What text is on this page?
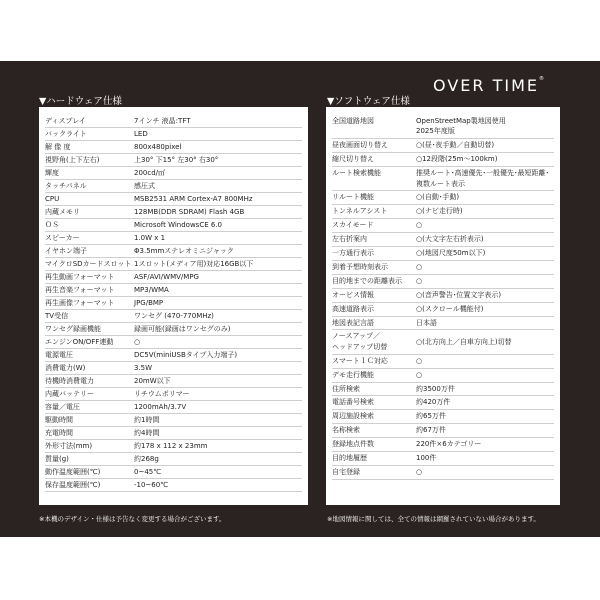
OVER TIME®
▼ハードウェア仕様	▼ソフトウェア仕様
ディスプレイ	7インチ 液晶:TFT
バックライト	LED
解 像 度	800x480pixel
視野角(上下左右)	上30° 下15° 左30° 右30°
輝度	200cd/㎡
タッチパネル	感圧式
CPU	MSB2531 ARM Cortex-A7 800MHz
内蔵メモリ	128MB(DDR SDRAM) Flash 4GB
ＯＳ	Microsoft WindowsCE 6.0
スピーカー	1.0W x 1
イヤホン端子	Φ3.5mmステレオミニジャック
マイクロSDカードスロット 1スロット(メディア用)対応16GB以下
再生動画フォーマット	ASF/AVI/WMV/MPG
再生音楽フォーマット	MP3/WMA
再生画像フォーマット	JPG/BMP
TV受信	ワンセグ (470-770MHz)
ワンセグ録画機能	録画可能(録画はワンセグのみ)
エンジンON/OFF連動	○
電源電圧	DC5V(miniUSBタイプ入力端子)
消費電力(W)	3.5W
待機時消費電力	20mW以下
内蔵バッテリー	リチウムポリマー
容量／電圧	1200mAh/3.7V
駆動時間	約1時間
充電時間	約4時間
外形寸法(mm)	約178 x 112 x 23mm
質量(g)	約268g
動作温度範囲(℃)	0~45℃
保存温度範囲(℃)	-10~60℃
全国道路地図	OpenStreetMap製地図使用
2025年度版
昼夜画面切り替え	○(昼･夜手動／自動切替)
縮尺切り替え	○12段階(25m〜100km)
ルート検索機能	推奨ルート･高速優先･一般優先･最短距離･
複数ルート表示
リルート機能	○(自動･手動)
トンネルアシスト	○(ナビ走行時)
スカイモード	○
左右折案内	○(大文字左右折表示)
一方通行表示	○(地図尺度50m以下)
到着予想時刻表示	○
目的地までの距離表示 ○
オービス情報	○(音声警告･位置文字表示)
高速道路表示	○(スクロール機能付)
地図表記言語	日本語
ノースアップ／
ヘッドアップ切替
○(北方向上／自車方向上)切替
スマートＩＣ対応	○
デモ走行機能	○
住所検索	約3500万件
電話番号検索	約420万件
周辺施設検索	約65万件
名称検索	約67万件
登録地点件数	220件×6カテゴリー
目的地履歴	100件
自宅登録	○
※本機のデザイン・仕様は予告なく変更する場合がございます。	※地図情報に関しては、全ての情報は網羅されていない場合があります。
